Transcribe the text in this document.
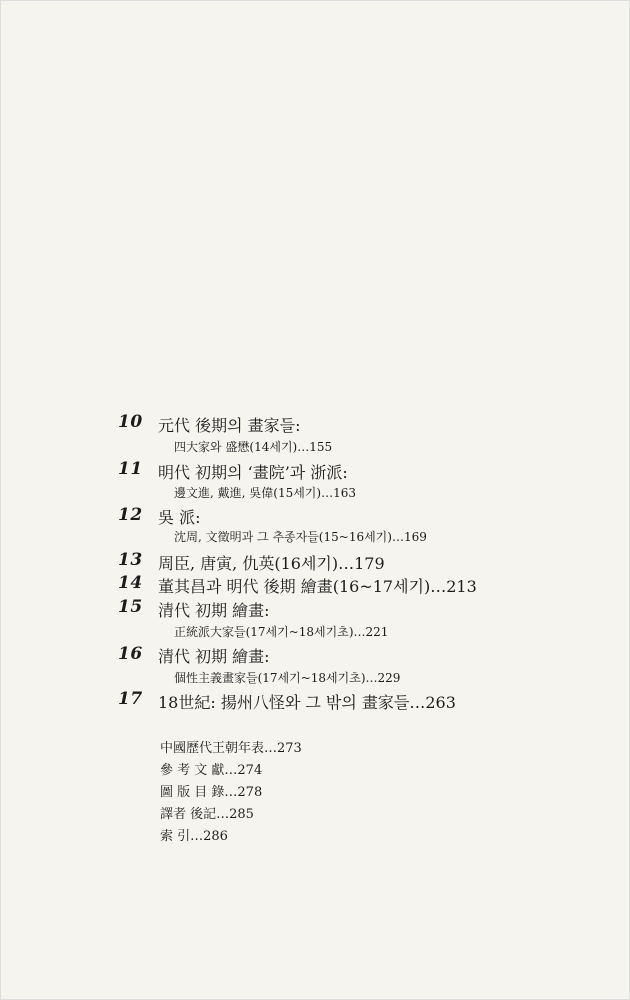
10 元代 後期의 畫家들:
四大家와 盛懋(14세기)…155
11 明代 初期의 ‘畫院’과 浙派:
邊文進, 戴進, 吳偉(15세기)…163
12 吳 派:
沈周, 文徵明과 그 추종자들(15~16세기)…169
13 周臣, 唐寅, 仇英(16세기)…179
14 董其昌과 明代 後期 繪畫(16~17세기)…213
15 清代 初期 繪畫:
正統派大家들(17세기~18세기초)…221
16 清代 初期 繪畫:
個性主義畫家들(17세기~18세기초)…229
17 18世紀: 揚州八怪와 그 밖의 畫家들…263
中國歷代王朝年表…273
參 考 文 獻…274
圖 版 目 錄…278
譯者 後記…285
索 引…286
